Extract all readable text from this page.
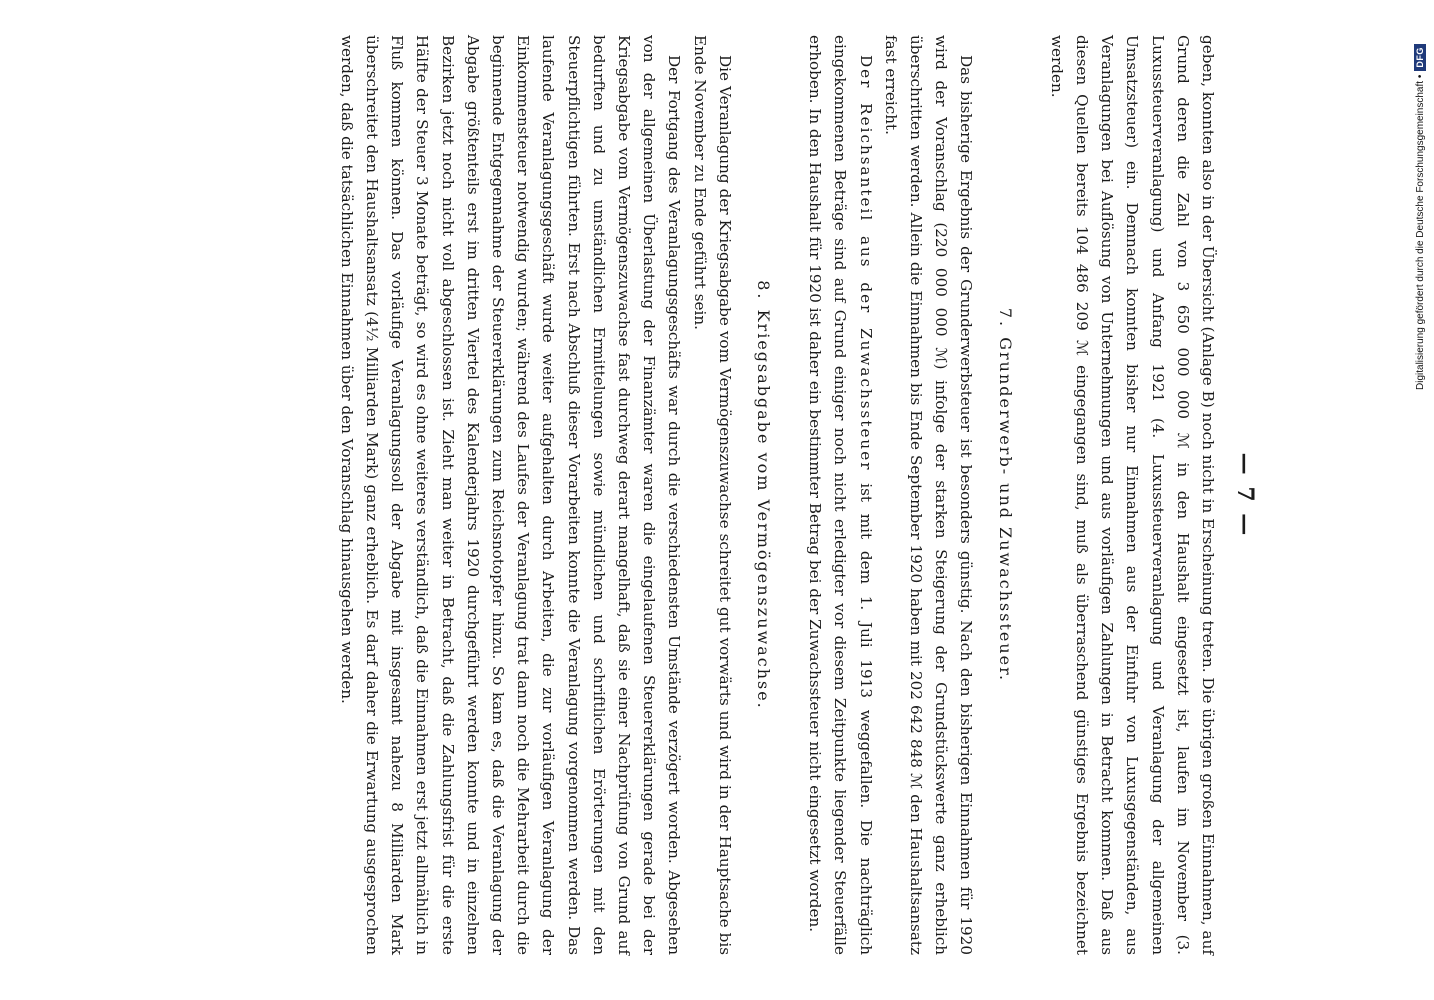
— 7 —

geben, konnten also in der Übersicht (Anlage B) noch nicht in Erscheinung treten. Die übrigen großen Einnahmen, auf Grund deren die Zahl von 3 650 000 000 ℳ in den Haushalt eingesetzt ist, laufen im November (3. Luxussteuerveranlagung) und Anfang 1921 (4. Luxussteuerveranlagung und Veranlagung der allgemeinen Umsatzsteuer) ein. Demnach konnten bisher nur Einnahmen aus der Einfuhr von Luxusgegenständen, aus Veranlagungen bei Auflösung von Unternehmungen und aus vorläufigen Zahlungen in Betracht kommen. Daß aus diesen Quellen bereits 104 486 209 ℳ eingegangen sind, muß als überraschend günstiges Ergebnis bezeichnet werden.

7. Grunderwerb- und Zuwachssteuer.

Das bisherige Ergebnis der Grunderwerbsteuer ist besonders günstig. Nach den bisherigen Einnahmen für 1920 wird der Voranschlag (220 000 000 ℳ) infolge der starken Steigerung der Grundstückswerte ganz erheblich überschritten werden. Allein die Einnahmen bis Ende September 1920 haben mit 202 642 848 ℳ den Haushaltsansatz fast erreicht.

Der Reichsanteil aus der Zuwachssteuer ist mit dem 1. Juli 1913 weggefallen. Die nachträglich eingekommenen Beträge sind auf Grund einiger noch nicht erledigter vor diesem Zeitpunkte liegender Steuerfälle erhoben. In den Haushalt für 1920 ist daher ein bestimmter Betrag bei der Zuwachssteuer nicht eingesetzt worden.

8. Kriegsabgabe vom Vermögenszuwachse.

Die Veranlagung der Kriegsabgabe vom Vermögenszuwachse schreitet gut vorwärts und wird in der Hauptsache bis Ende November zu Ende geführt sein.

Der Fortgang des Veranlagungsgeschäfts war durch die verschiedensten Umstände verzögert worden. Abgesehen von der allgemeinen Überlastung der Finanzämter waren die eingelaufenen Steuererklärungen gerade bei der Kriegsabgabe vom Vermögenszuwachse fast durchweg derart mangelhaft, daß sie einer Nachprüfung von Grund auf bedurften und zu umständlichen Ermittelungen sowie mündlichen und schriftlichen Erörterungen mit den Steuerpflichtigen führten. Erst nach Abschluß dieser Vorarbeiten konnte die Veranlagung vorgenommen werden. Das laufende Veranlagungsgeschäft wurde weiter aufgehalten durch Arbeiten, die zur vorläufigen Veranlagung der Einkommensteuer notwendig wurden; während des Laufes der Veranlagung trat dann noch die Mehrarbeit durch die beginnende Entgegennahme der Steuererklärungen zum Reichsnotopfer hinzu. So kam es, daß die Veranlagung der Abgabe größtenteils erst im dritten Viertel des Kalenderjahrs 1920 durchgeführt werden konnte und in einzelnen Bezirken jetzt noch nicht voll abgeschlossen ist. Zieht man weiter in Betracht, daß die Zahlungsfrist für die erste Hälfte der Steuer 3 Monate beträgt, so wird es ohne weiteres verständlich, daß die Einnahmen erst jetzt allmählich in Fluß kommen können. Das vorläufige Veranlagungssoll der Abgabe mit insgesamt nahezu 8 Milliarden Mark überschreitet den Haushaltsansatz (4½ Milliarden Mark) ganz erheblich. Es darf daher die Erwartung ausgesprochen werden, daß die tatsächlichen Einnahmen über den Voranschlag hinausgehen werden.	Digitalisierung gefördert durch die Deutsche Forschungsgemeinschaft •
DFG
